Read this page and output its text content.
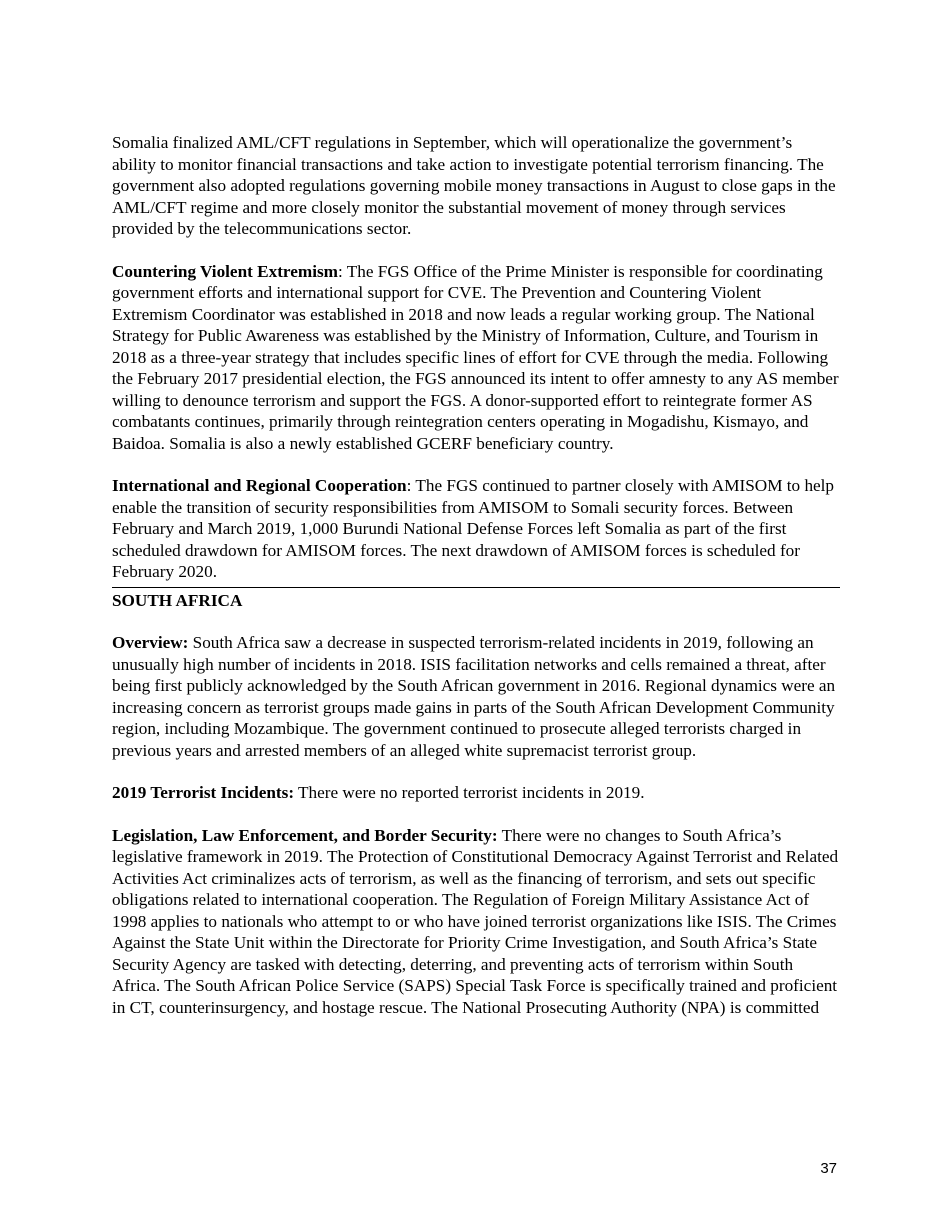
Somalia finalized AML/CFT regulations in September, which will operationalize the government’s ability to monitor financial transactions and take action to investigate potential terrorism financing. The government also adopted regulations governing mobile money transactions in August to close gaps in the AML/CFT regime and more closely monitor the substantial movement of money through services provided by the telecommunications sector.

Countering Violent Extremism: The FGS Office of the Prime Minister is responsible for coordinating government efforts and international support for CVE. The Prevention and Countering Violent Extremism Coordinator was established in 2018 and now leads a regular working group. The National Strategy for Public Awareness was established by the Ministry of Information, Culture, and Tourism in 2018 as a three-year strategy that includes specific lines of effort for CVE through the media. Following the February 2017 presidential election, the FGS announced its intent to offer amnesty to any AS member willing to denounce terrorism and support the FGS. A donor-supported effort to reintegrate former AS combatants continues, primarily through reintegration centers operating in Mogadishu, Kismayo, and Baidoa. Somalia is also a newly established GCERF beneficiary country.

International and Regional Cooperation: The FGS continued to partner closely with AMISOM to help enable the transition of security responsibilities from AMISOM to Somali security forces. Between February and March 2019, 1,000 Burundi National Defense Forces left Somalia as part of the first scheduled drawdown for AMISOM forces. The next drawdown of AMISOM forces is scheduled for February 2020.

SOUTH AFRICA

Overview: South Africa saw a decrease in suspected terrorism-related incidents in 2019, following an unusually high number of incidents in 2018. ISIS facilitation networks and cells remained a threat, after being first publicly acknowledged by the South African government in 2016. Regional dynamics were an increasing concern as terrorist groups made gains in parts of the South African Development Community region, including Mozambique. The government continued to prosecute alleged terrorists charged in previous years and arrested members of an alleged white supremacist terrorist group.

2019 Terrorist Incidents: There were no reported terrorist incidents in 2019.

Legislation, Law Enforcement, and Border Security: There were no changes to South Africa’s legislative framework in 2019. The Protection of Constitutional Democracy Against Terrorist and Related Activities Act criminalizes acts of terrorism, as well as the financing of terrorism, and sets out specific obligations related to international cooperation. The Regulation of Foreign Military Assistance Act of 1998 applies to nationals who attempt to or who have joined terrorist organizations like ISIS. The Crimes Against the State Unit within the Directorate for Priority Crime Investigation, and South Africa’s State Security Agency are tasked with detecting, deterring, and preventing acts of terrorism within South Africa. The South African Police Service (SAPS) Special Task Force is specifically trained and proficient in CT, counterinsurgency, and hostage rescue. The National Prosecuting Authority (NPA) is committed

37
